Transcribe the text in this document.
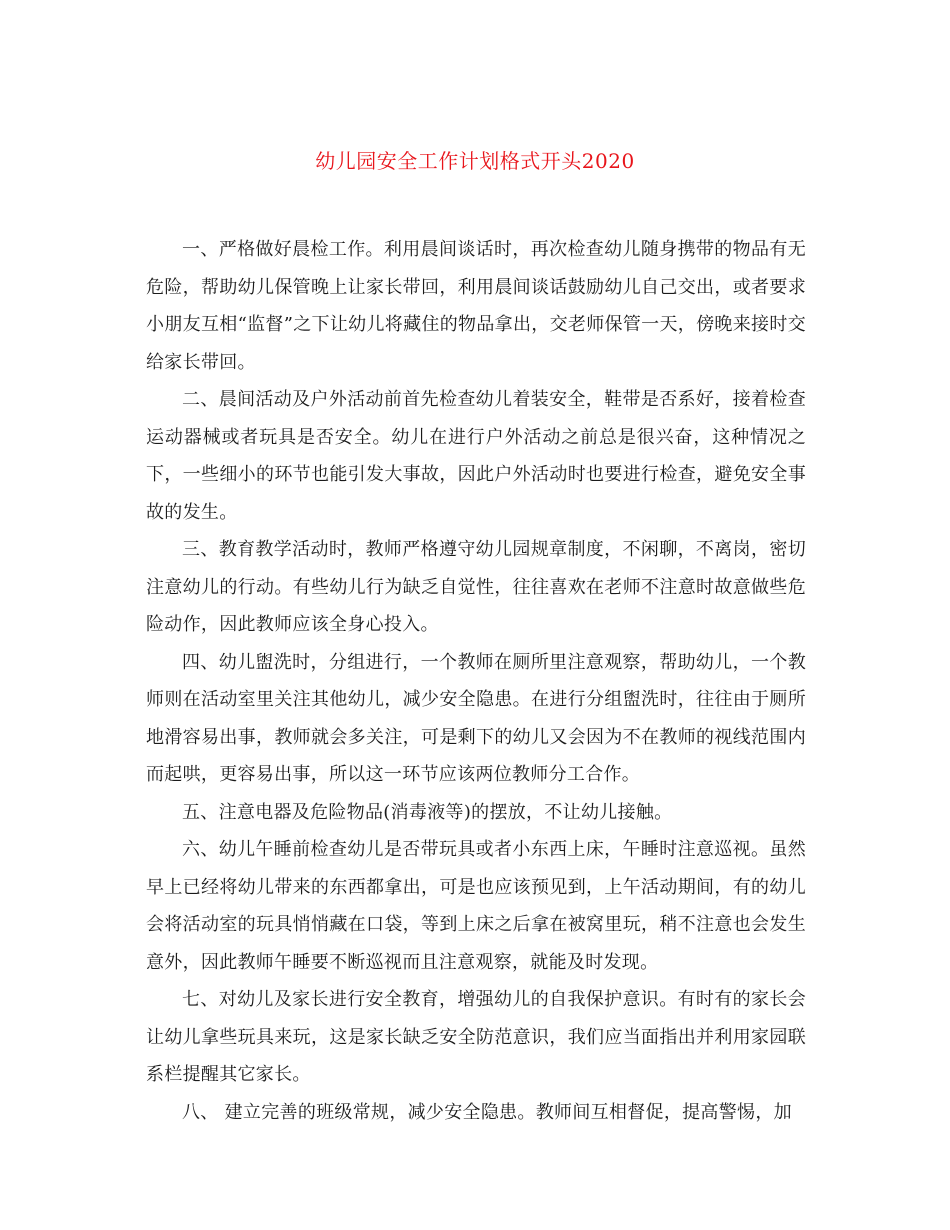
幼儿园安全工作计划格式开头2020

一、严格做好晨检工作。利用晨间谈话时，再次检查幼儿随身携带的物品有无危险，帮助幼儿保管晚上让家长带回，利用晨间谈话鼓励幼儿自己交出，或者要求小朋友互相“监督”之下让幼儿将藏住的物品拿出，交老师保管一天，傍晚来接时交给家长带回。

二、晨间活动及户外活动前首先检查幼儿着装安全，鞋带是否系好，接着检查运动器械或者玩具是否安全。幼儿在进行户外活动之前总是很兴奋，这种情况之下，一些细小的环节也能引发大事故，因此户外活动时也要进行检查，避免安全事故的发生。

三、教育教学活动时，教师严格遵守幼儿园规章制度，不闲聊，不离岗，密切注意幼儿的行动。有些幼儿行为缺乏自觉性，往往喜欢在老师不注意时故意做些危险动作，因此教师应该全身心投入。

四、幼儿盥洗时，分组进行，一个教师在厕所里注意观察，帮助幼儿，一个教师则在活动室里关注其他幼儿，减少安全隐患。在进行分组盥洗时，往往由于厕所地滑容易出事，教师就会多关注，可是剩下的幼儿又会因为不在教师的视线范围内而起哄，更容易出事，所以这一环节应该两位教师分工合作。

五、注意电器及危险物品(消毒液等)的摆放，不让幼儿接触。

六、幼儿午睡前检查幼儿是否带玩具或者小东西上床，午睡时注意巡视。虽然早上已经将幼儿带来的东西都拿出，可是也应该预见到，上午活动期间，有的幼儿会将活动室的玩具悄悄藏在口袋，等到上床之后拿在被窝里玩，稍不注意也会发生意外，因此教师午睡要不断巡视而且注意观察，就能及时发现。

七、对幼儿及家长进行安全教育，增强幼儿的自我保护意识。有时有的家长会让幼儿拿些玩具来玩，这是家长缺乏安全防范意识，我们应当面指出并利用家园联系栏提醒其它家长。

八、 建立完善的班级常规，减少安全隐患。教师间互相督促，提高警惕，加
